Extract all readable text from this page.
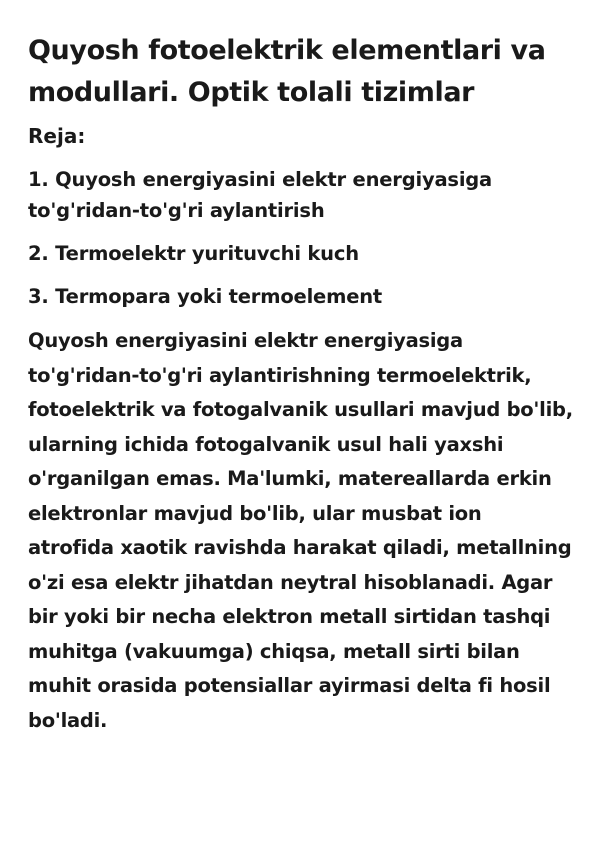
Quyosh fotoelektrik elementlari va modullari. Optik tolali tizimlar
Reja:
1. Quyosh energiyasini elektr energiyasiga to'g'ridan-to'g'ri aylantirish
2. Termoelektr yurituvchi kuch
3. Termopara yoki termoelement

Quyosh energiyasini elektr energiyasiga to'g'ridan-to'g'ri aylantirishning termoelektrik, fotoelektrik va fotogalvanik usullari mavjud bo'lib, ularning ichida fotogalvanik usul hali yaxshi o'rganilgan emas. Ma'lumki, matereallarda erkin elektronlar mavjud bo'lib, ular musbat ion atrofida xaotik ravishda harakat qiladi, metallning o'zi esa elektr jihatdan neytral hisoblanadi. Agar bir yoki bir necha elektron metall sirtidan tashqi muhitga (vakuumga) chiqsa, metall sirti bilan muhit orasida potensiallar ayirmasi delta fi hosil bo'ladi.
